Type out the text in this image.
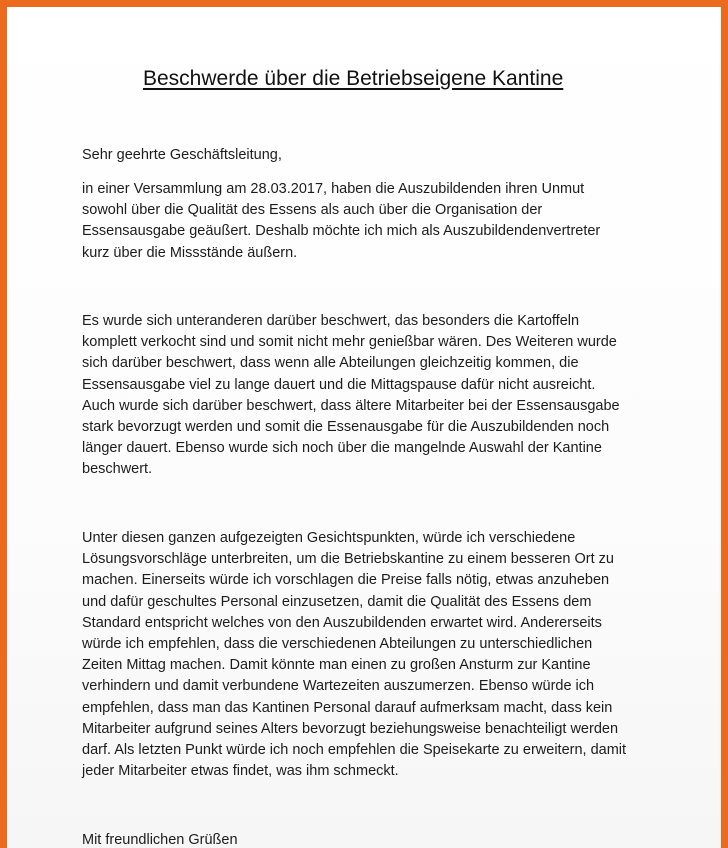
Beschwerde über die Betriebseigene Kantine
Sehr geehrte Geschäftsleitung,
in einer Versammlung am 28.03.2017, haben die Auszubildenden ihren Unmut
sowohl über die Qualität des Essens als auch über die Organisation der
Essensausgabe geäußert. Deshalb möchte ich mich als Auszubildendenvertreter
kurz über die Missstände äußern.
Es wurde sich unteranderen darüber beschwert, das besonders die Kartoffeln
komplett verkocht sind und somit nicht mehr genießbar wären. Des Weiteren wurde
sich darüber beschwert, dass wenn alle Abteilungen gleichzeitig kommen, die
Essensausgabe viel zu lange dauert und die Mittagspause dafür nicht ausreicht.
Auch wurde sich darüber beschwert, dass ältere Mitarbeiter bei der Essensausgabe
stark bevorzugt werden und somit die Essenausgabe für die Auszubildenden noch
länger dauert. Ebenso wurde sich noch über die mangelnde Auswahl der Kantine
beschwert.
Unter diesen ganzen aufgezeigten Gesichtspunkten, würde ich verschiedene
Lösungsvorschläge unterbreiten, um die Betriebskantine zu einem besseren Ort zu
machen. Einerseits würde ich vorschlagen die Preise falls nötig, etwas anzuheben
und dafür geschultes Personal einzusetzen, damit die Qualität des Essens dem
Standard entspricht welches von den Auszubildenden erwartet wird. Andererseits
würde ich empfehlen, dass die verschiedenen Abteilungen zu unterschiedlichen
Zeiten Mittag machen. Damit könnte man einen zu großen Ansturm zur Kantine
verhindern und damit verbundene Wartezeiten auszumerzen. Ebenso würde ich
empfehlen, dass man das Kantinen Personal darauf aufmerksam macht, dass kein
Mitarbeiter aufgrund seines Alters bevorzugt beziehungsweise benachteiligt werden
darf. Als letzten Punkt würde ich noch empfehlen die Speisekarte zu erweitern, damit
jeder Mitarbeiter etwas findet, was ihm schmeckt.
Mit freundlichen Grüßen
